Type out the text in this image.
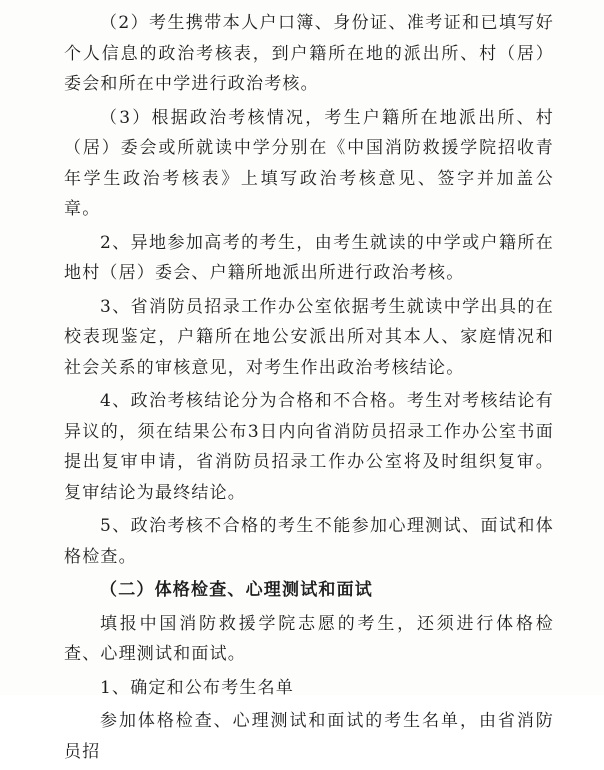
（2）考生携带本人户口簿、身份证、准考证和已填写好个人信息的政治考核表，到户籍所在地的派出所、村（居）委会和所在中学进行政治考核。

（3）根据政治考核情况，考生户籍所在地派出所、村（居）委会或所就读中学分别在《中国消防救援学院招收青年学生政治考核表》上填写政治考核意见、签字并加盖公章。

2、异地参加高考的考生，由考生就读的中学或户籍所在地村（居）委会、户籍所地派出所进行政治考核。

3、省消防员招录工作办公室依据考生就读中学出具的在校表现鉴定，户籍所在地公安派出所对其本人、家庭情况和社会关系的审核意见，对考生作出政治考核结论。

4、政治考核结论分为合格和不合格。考生对考核结论有异议的，须在结果公布3日内向省消防员招录工作办公室书面提出复审申请，省消防员招录工作办公室将及时组织复审。复审结论为最终结论。

5、政治考核不合格的考生不能参加心理测试、面试和体格检查。

（二）体格检查、心理测试和面试

填报中国消防救援学院志愿的考生，还须进行体格检查、心理测试和面试。

1、确定和公布考生名单

参加体格检查、心理测试和面试的考生名单，由省消防员招
